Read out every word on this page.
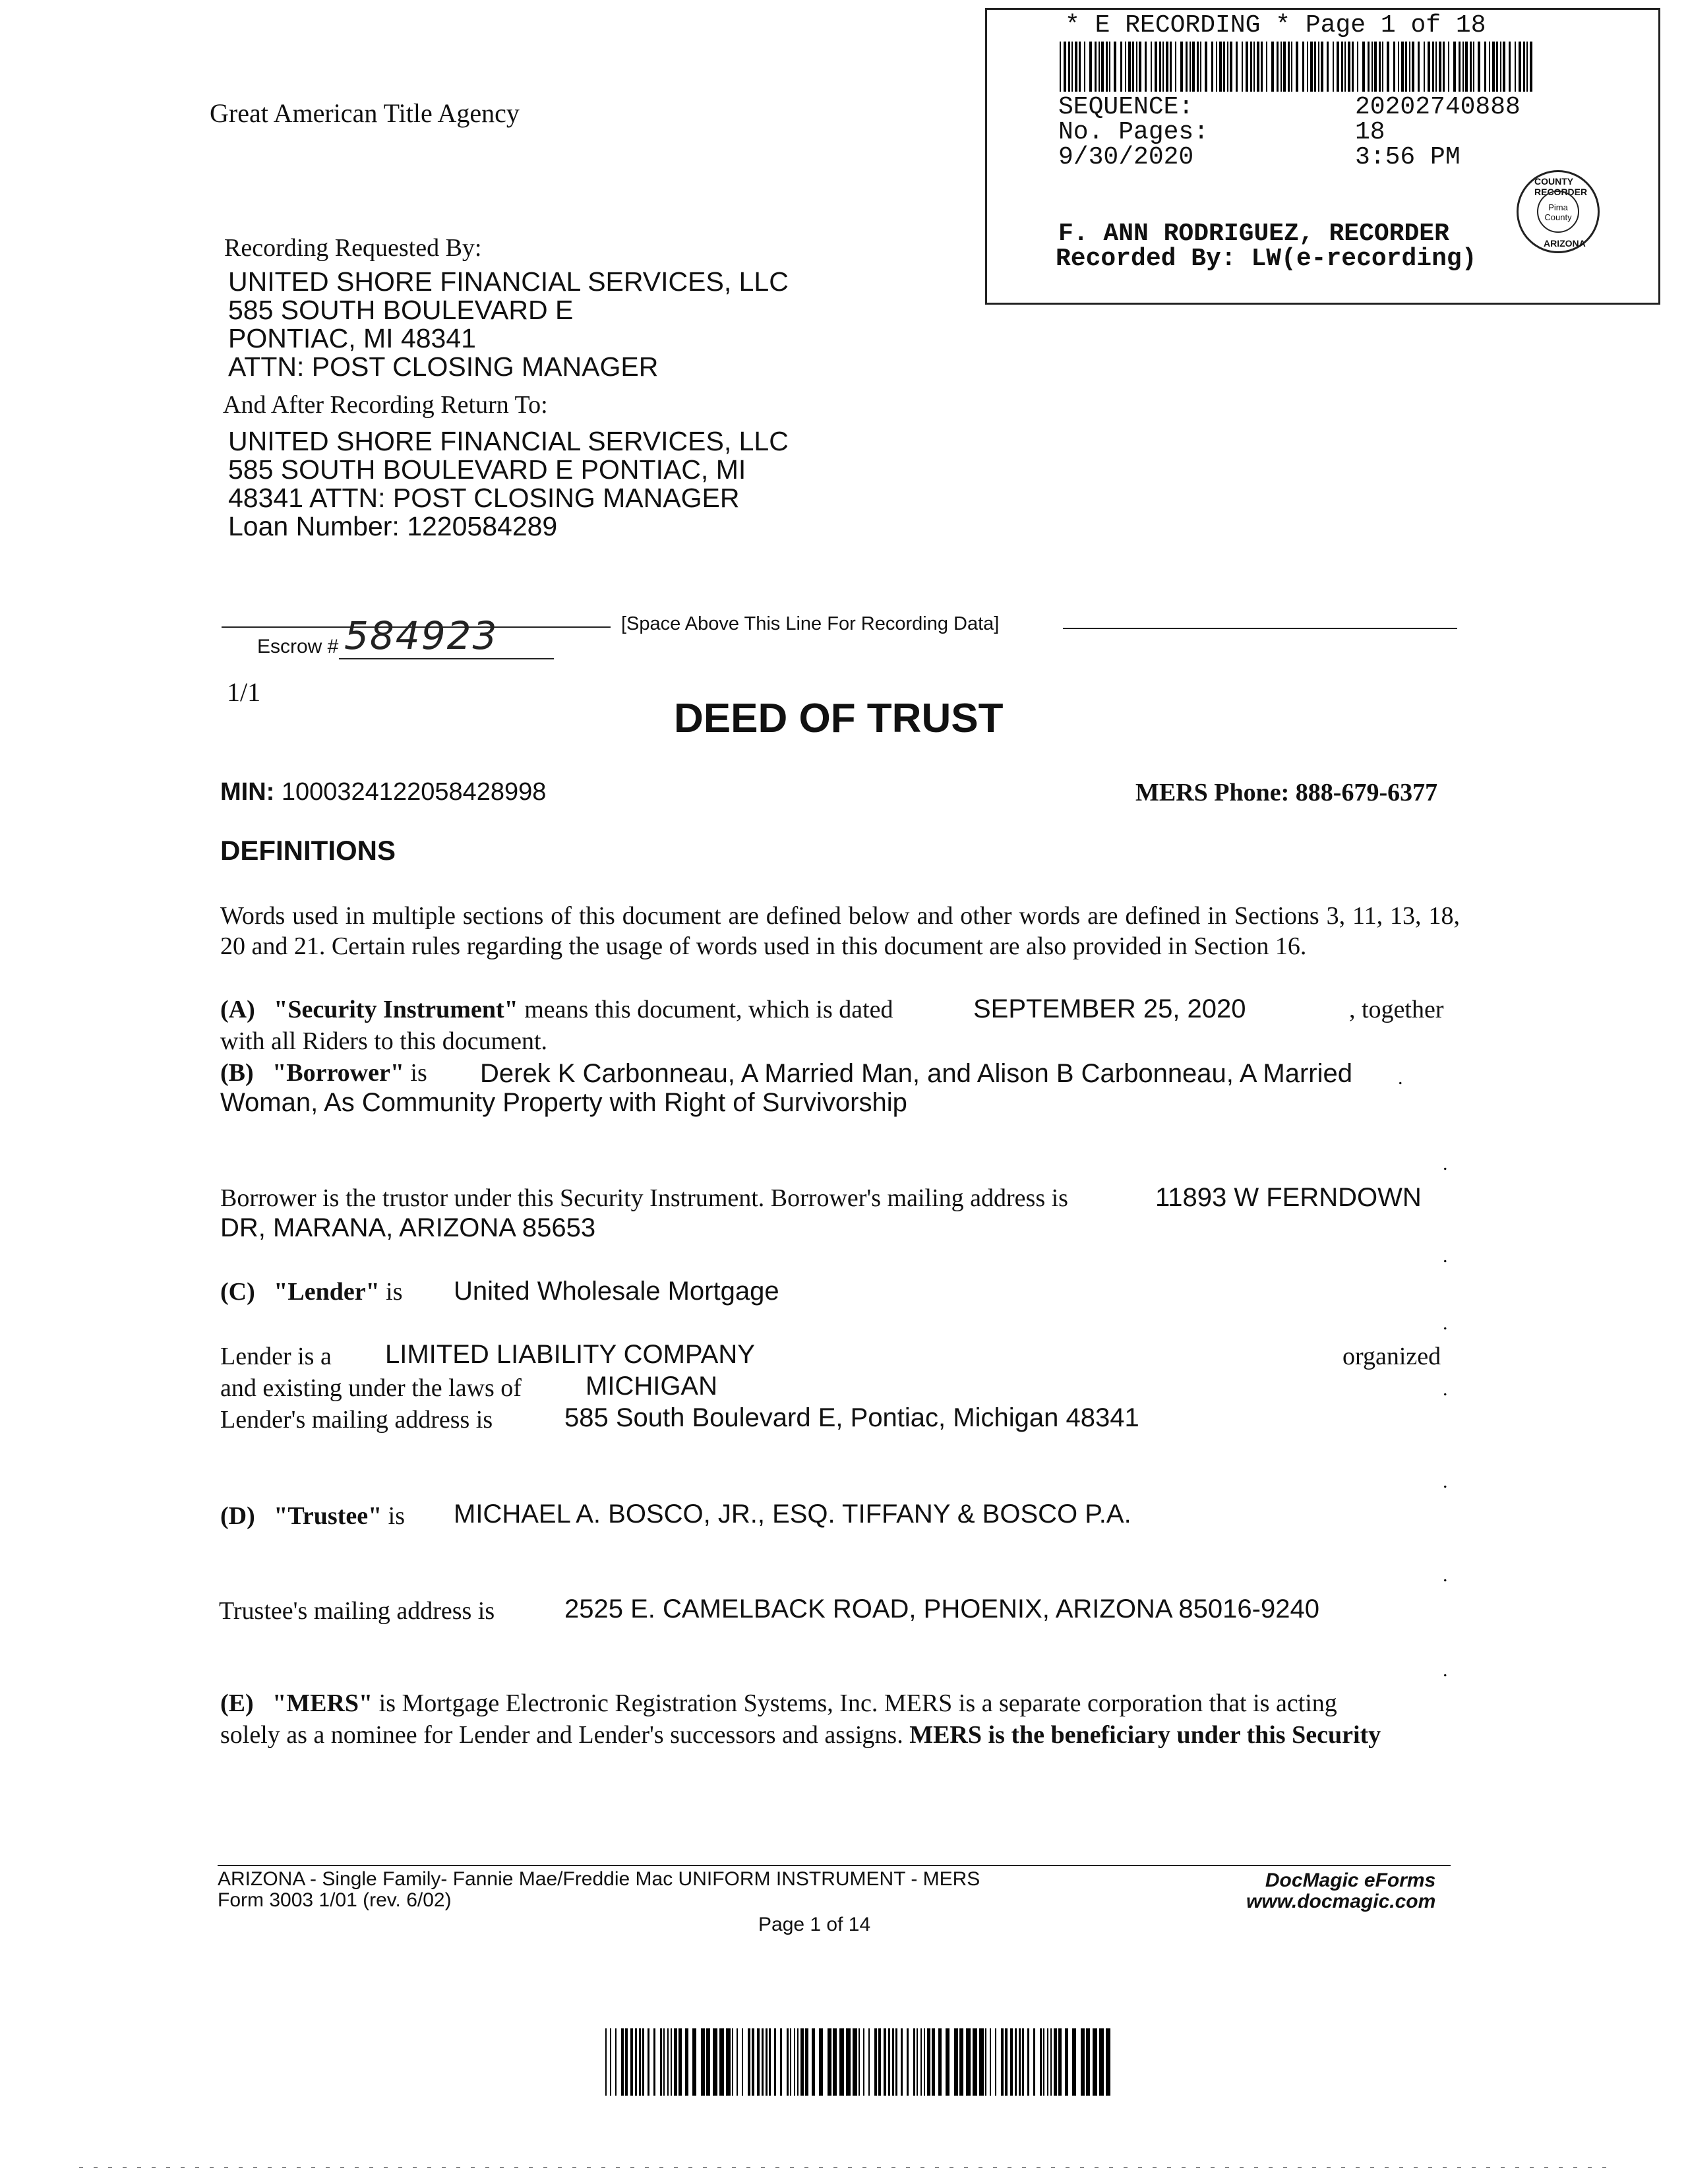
Great American Title Agency
* E RECORDING * Page 1 of 18
SEQUENCE:	20202740888
No. Pages:	18
9/30/2020	3:56 PM
F. ANN RODRIGUEZ, RECORDER
Recorded By: LW(e-recording)
COUNTY RECORDER
Pima County
ARIZONA
Recording Requested By:
UNITED SHORE FINANCIAL SERVICES, LLC
585 SOUTH BOULEVARD E
PONTIAC, MI 48341
ATTN: POST CLOSING MANAGER
And After Recording Return To:
UNITED SHORE FINANCIAL SERVICES, LLC
585 SOUTH BOULEVARD E PONTIAC, MI
48341 ATTN: POST CLOSING MANAGER
Loan Number: 1220584289
[Space Above This Line For Recording Data]
Escrow # 584923
1/1
DEED OF TRUST
MIN: 1000324122058428998	MERS Phone: 888-679-6377
DEFINITIONS
Words used in multiple sections of this document are defined below and other words are defined in Sections 3, 11, 13, 18, 20 and 21. Certain rules regarding the usage of words used in this document are also provided in Section 16.
(A) "Security Instrument" means this document, which is dated	SEPTEMBER 25, 2020	, together
with all Riders to this document.
(B) "Borrower" is Derek K Carbonneau, A Married Man, and Alison B Carbonneau, A Married
Woman, As Community Property with Right of Survivorship
.
.
Borrower is the trustor under this Security Instrument. Borrower's mailing address is	11893 W FERNDOWN
DR, MARANA, ARIZONA 85653
.
(C) "Lender" is United Wholesale Mortgage
.
Lender is a LIMITED LIABILITY COMPANY	organized
and existing under the laws of MICHIGAN	.
Lender's mailing address is	585 South Boulevard E, Pontiac, Michigan 48341
.
(D) "Trustee" is MICHAEL A. BOSCO, JR., ESQ. TIFFANY & BOSCO P.A.
.
Trustee's mailing address is	2525 E. CAMELBACK ROAD, PHOENIX, ARIZONA 85016-9240
.
(E) "MERS" is Mortgage Electronic Registration Systems, Inc. MERS is a separate corporation that is acting
solely as a nominee for Lender and Lender's successors and assigns. MERS is the beneficiary under this Security
ARIZONA - Single Family- Fannie Mae/Freddie Mac UNIFORM INSTRUMENT - MERS
Form 3003 1/01 (rev. 6/02)
Page 1 of 14
DocMagic eForms
www.docmagic.com
